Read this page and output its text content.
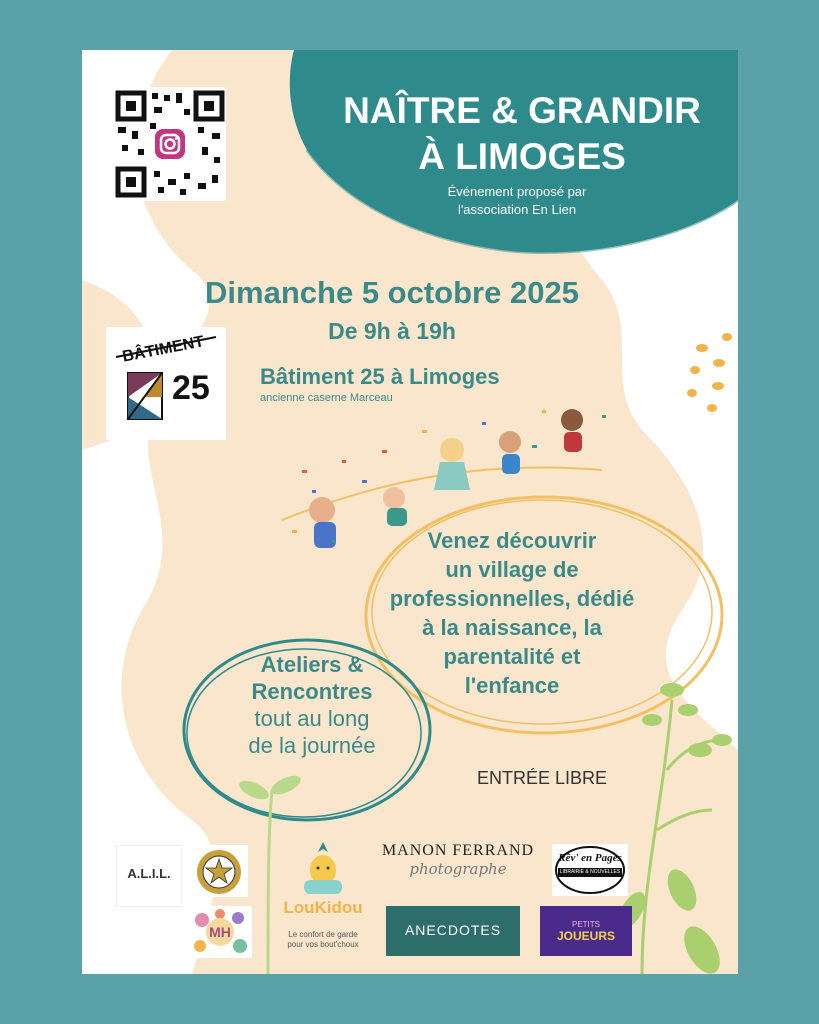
NAÎTRE & GRANDIR
À LIMOGES
Événement proposé par
l'association En Lien
BÂTIMENT
25
Dimanche 5 octobre 2025
De 9h à 19h
Bâtiment 25 à Limoges
ancienne caserne Marceau
Venez découvrir
un village de
professionnelles, dédié
à la naissance, la
parentalité et
l'enfance
Ateliers &
Rencontres
tout au long
de la journée
ENTRÉE LIBRE
A.L.I.L.
MH
LouKidou
Le confort de garde
pour vos bout'choux
MANON FERRAND
photographe
ANECDOTES
Rêv' en Pages
LIBRAIRIE & NOUVELLES
PETITS
JOUEURS
